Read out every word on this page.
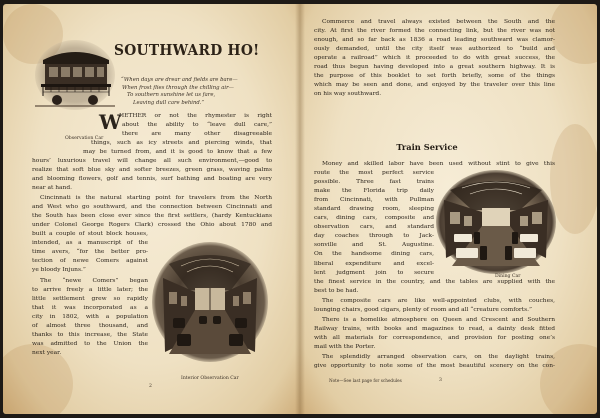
SOUTHWARD HO!
“When days are drear and fields are bare—
When frost flies through the chilling air—
To southern sunshine let us fare,
Leaving dull care behind.”
Observation Car
W

HETHER or not the rhymester is right
about the ability to “leave dull care,”
there are many other disagreeable
things, such as icy streets and piercing winds, that
may be turned from, and it is good to know that a few
hours’ luxurious travel will change all such environment,—good to
realize that soft blue sky and softer breezes, green grass, waving palms
and blooming flowers, golf and tennis, surf bathing and boating are very
near at hand.

Cincinnati is the natural starting point for travelers from the North
and West who go southward, and the connection between Cincinnati and
the South has been close ever since the first settlers, (hardy Kentuckians
under Colonel George Rogers Clark) crossed the Ohio about 1780 and
built a couple of stout block houses,
intended, as a manuscript of the
time avers, “for the better pro-
tection of newe Comers against
ye bloody Injuns.”

The “newe Comers” began
to arrive freely a little later; the
little settlement grew so rapidly
that it was incorporated as a
city in 1802, with a population
of almost three thousand, and
thanks to this increase, the State
was admitted to the Union the
next year.

Interior Observation Car
2

Commerce and travel always existed between the South and the
city. At first the river formed the connecting link, but the river was not
enough, and so far back as 1836 a road leading southward was clamor-
ously demanded, until the city itself was authorized to “build and
operate a railroad” which it proceeded to do with great success, the
road thus begun having developed into a great southern highway. It is
the purpose of this booklet to set forth briefly, some of the things
which may be seen and done, and enjoyed by the traveler over this line
on his way southward.

Train Service

Money and skilled labor have been used without stint to give this
route the most perfect service
possible. Three fast trains
make the Florida trip daily
from Cincinnati, with Pullman
standard drawing room, sleeping
cars, dining cars, composite and
observation cars, and standard
day coaches through to Jack-
sonville and St. Augustine.
On the handsome dining cars,
liberal expenditure and excel-
lent judgment join to secure
the finest service in the country, and the tables are supplied with the
best to be had.

Dining Car

The composite cars are like well-appointed clubs, with couches,
lounging chairs, good cigars, plenty of room and all “creature comforts.”

There is a homelike atmosphere on Queen and Crescent and Southern
Railway trains, with books and magazines to read, a dainty desk fitted
with all materials for correspondence, and provision for posting one’s
mail with the Porter.

The splendidly arranged observation cars, on the daylight trains,
give opportunity to note some of the most beautiful scenery on the con-

Note—See last page for schedules	3
